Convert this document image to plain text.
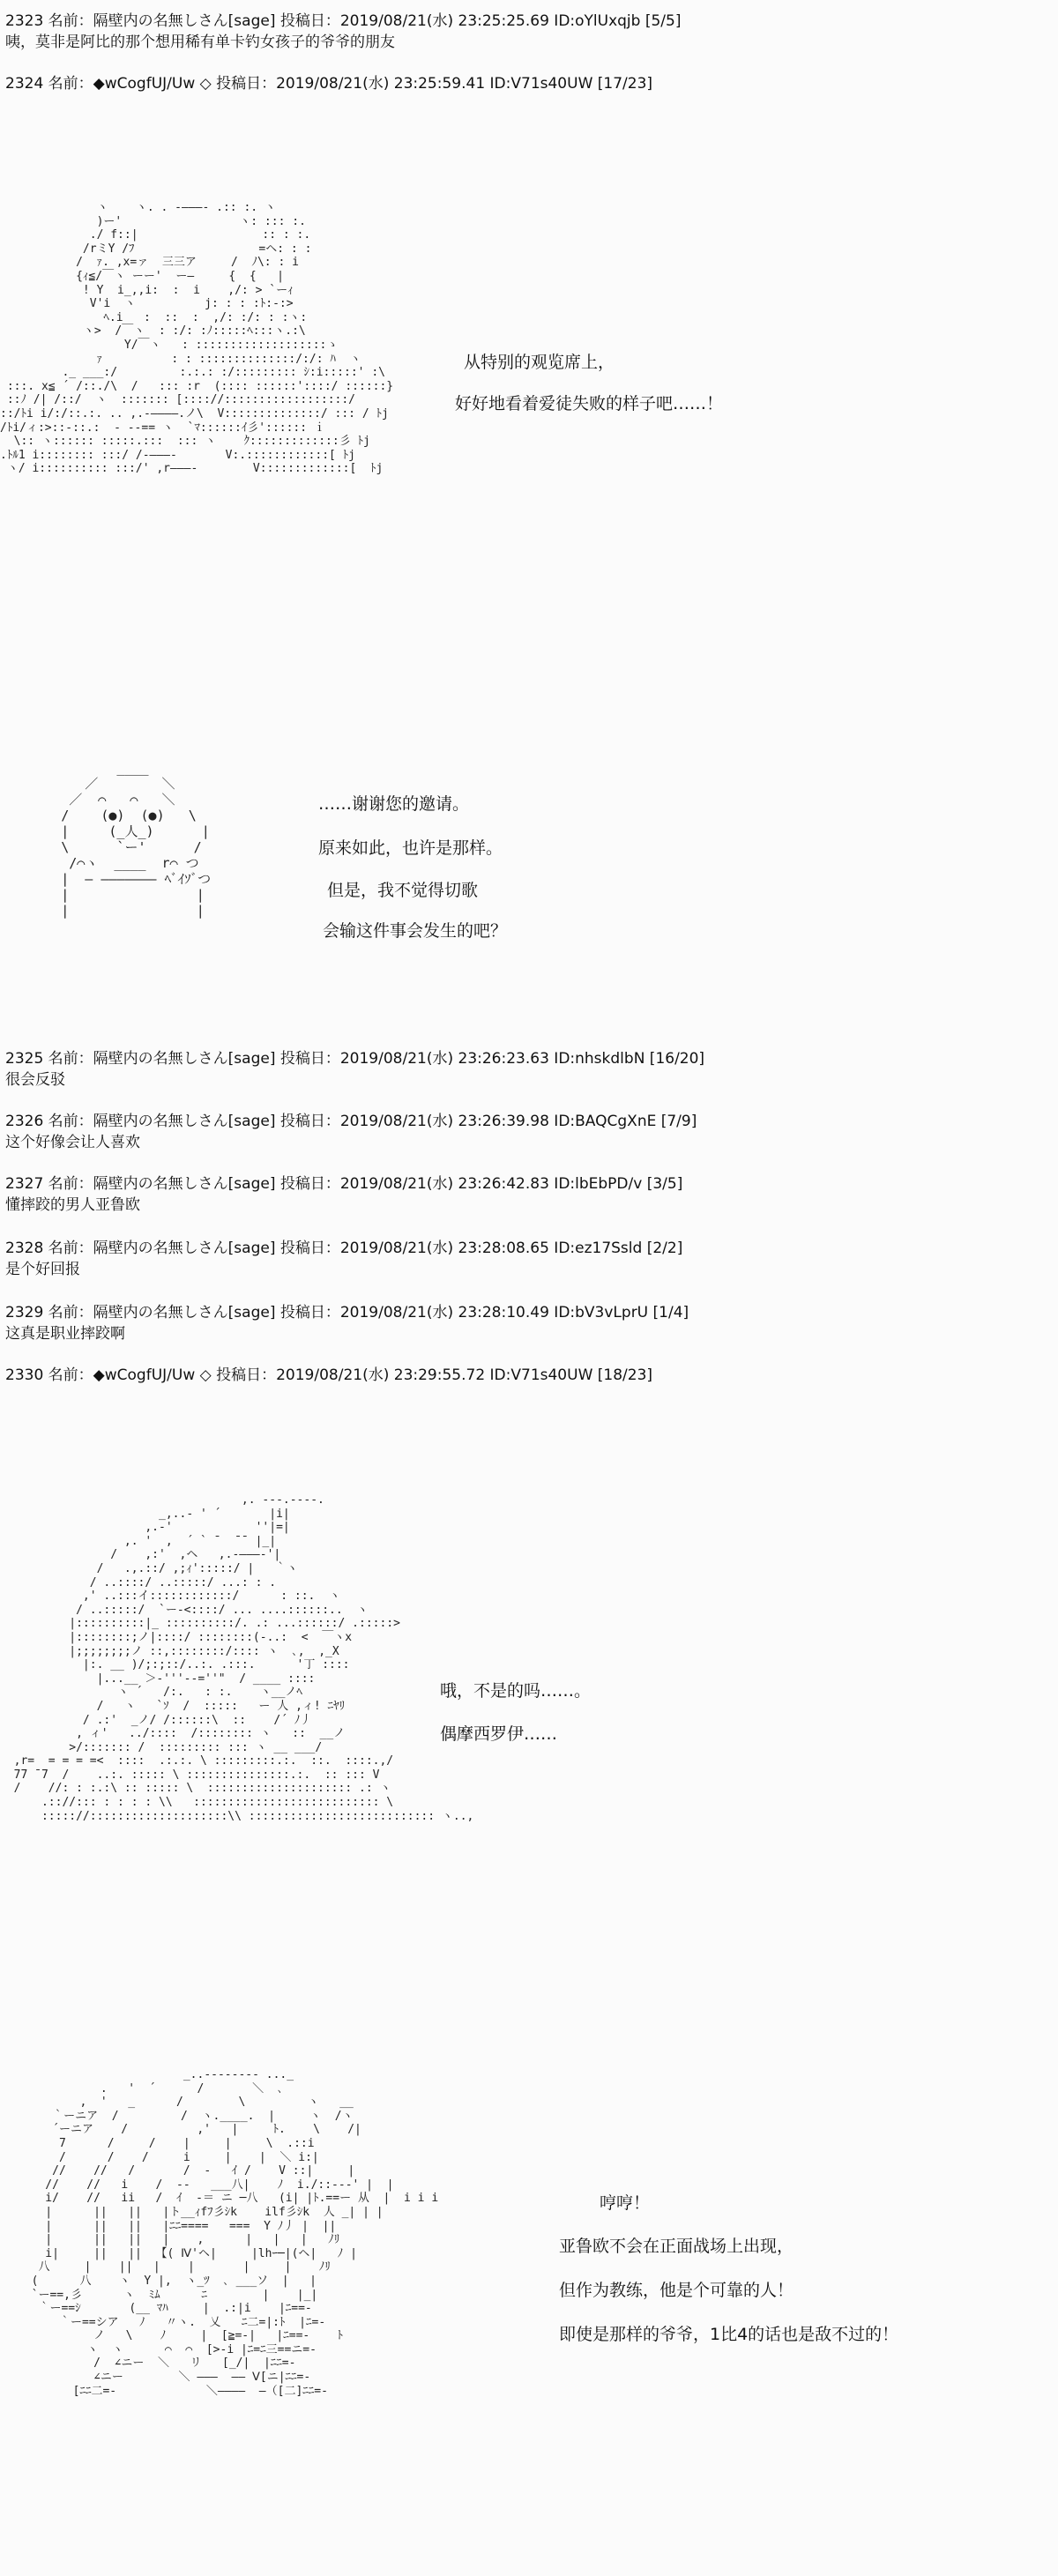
2323 名前：隔壁内の名無しさん[sage] 投稿日：2019/08/21(水) 23:25:25.69 ID:oYlUxqjb [5/5]
咦，莫非是阿比的那个想用稀有单卡钓女孩子的爷爷的朋友
2324 名前：◆wCogfUJ/Uw ◇ 投稿日：2019/08/21(水) 23:25:59.41 ID:V71s40UW [17/23]
ヽ    ヽ. . -―――- .:: :. ヽ
)ー'                 ヽ: ::: :.
./ f::|                  :: : :.
/rミY /ﾌ                  =ヘ: : :
/  ｧ. ,x=ァ  三三ア     /  ﾉ\: : i
{ｨ≦/￣ヽ ーー'  ー―     {  {   |
! Y  i_,,i:  :  i    ,/: > `ーｨ
V'i  ヽ          j: : : :ﾄ:-:>
ﾍ.i   :  ::  :  ,/: :/: : :ヽ:
ヽ>  /￣ヽ  : :/: :ﾉ:::::ﾍ:::ヽ.:\
Y/￣ヽ   : :::::::::::::::::::ゝ
ｧ          : : ::::::::::::::/:/: ﾊ  ヽ
._ ___:/         :.:.: :/::::::::: ｼ:i:::::' :\
:::. x≦ ´ /::./\  /   ::: :r  (:::: ::::::'::::/ ::::::}
::ﾉ /| /::/  ヽ  ::::::: [:::://::::::::::::::::::/
::/ﾄi i/:/::.:. .. ,.-――――.ノ\  V::::::::::::::/ ::: / ﾄj
/ﾄi/ィ:>::-::.:  - --== ヽ  `ﾏ::::::ｲ彡':::::: ｉ
\:: ヽ:::::: :::::.:::  ::: ヽ    ｸ:::::::::::::彡 ﾄj
.ﾄﾙ1 i:::::::: :::/ /-―――-       V:.::::::::::::[ ﾄj
ヽ/ i:::::::::: :::/' ,r―――-        V:::::::::::::[  ﾄj

从特别的观览席上，
好好地看着爱徒失败的样子吧……！
____
／        ＼
／  ⌒   ⌒   ＼
/    (●)  (●)   \
|     (_人_)      |
\      `ー'      /
/⌒ヽ  ____  r⌒ つ
|  ― ――――――― ﾍﾞｲｿﾞつ
|                |
|                |

……谢谢您的邀请。
原来如此，也许是那样。
但是，我不觉得切歌
会输这件事会发生的吧？
2325 名前：隔壁内の名無しさん[sage] 投稿日：2019/08/21(水) 23:26:23.63 ID:nhskdlbN [16/20]
很会反驳
2326 名前：隔壁内の名無しさん[sage] 投稿日：2019/08/21(水) 23:26:39.98 ID:BAQCgXnE [7/9]
这个好像会让人喜欢
2327 名前：隔壁内の名無しさん[sage] 投稿日：2019/08/21(水) 23:26:42.83 ID:lbEbPD/v [3/5]
懂摔跤的男人亚鲁欧
2328 名前：隔壁内の名無しさん[sage] 投稿日：2019/08/21(水) 23:28:08.65 ID:ez17Ssld [2/2]
是个好回报
2329 名前：隔壁内の名無しさん[sage] 投稿日：2019/08/21(水) 23:28:10.49 ID:bV3vLprU [1/4]
这真是职业摔跤啊
2330 名前：◆wCogfUJ/Uw ◇ 投稿日：2019/08/21(水) 23:29:55.72 ID:V71s40UW [18/23]
,. ---.----.
_,..- ' ´       |i|
,.-'            ''|=|
,. '  ,  ´ ` ̄   ̄ ̄  |_|
/    ,:'  ,ヘ   ,.-―――-'|
/   .,.::/ ,;ｨ':::::/ |   ｀ヽ
/ ..::::/ ..:::::/ ...: : .
,' ..:::イ::::::::::::/      : ::.  ヽ
/ ..:::::/  `ー-<::::/ ... ....::::::..  ヽ
|::::::::::|_ ::::::::::/. .: ...::::::/ .:::::>
|::::::::;ノ|::::/ ::::::::(-..:  <  ￣ヽx
|;;;;;;;;ノ ::,::::::::/:::: ヽ  ､,  ,_X
|:. __ )/;:;::/..:. .:::.      '丁 ::::
|...__ ＞-'''--=''"  / ____ ::::
ヽ ´   /:.   : :.    ヽ__ノﾍ
/   ヽ   `ｿ  /  :::::   ー 人 ,ィ! ﾆﾔﾘ
/ .:'  _ノ/ /::::::\  ::    /´ ﾉ丿
, ィ'   ../::::  /:::::::: ヽ   ::  __ノ
>/::::::: /  ::::::::: ::: ヽ __ ___/
,r=  = = = =<  ::::  .:.:. \ :::::::::.:.  ::.  ::::.,/
77 ̄ ̄7  /    ..:. ::::: \ :::::::::::::::.:.  :: ::: V
/    //: : :.:\ :: ::::: \  ::::::::::::::::::::: .: ヽ
.:://::: : : : : \\   ::::::::::::::::::::::::::: \
::::://::::::::::::::::::::\\ ::::::::::::::::::::::::::: ヽ..,

哦，不是的吗……。
偶摩西罗伊……
_..-------- ..._
.   '  ´      /       ＼  ､
,  '   _      /        \         ヽ   __
｀ーニア  /         /  ヽ.____.  |     ヽ  /ヽ
´ーニア    /          ,'   |     ﾄ.    \    /|
7      /     /    |     |     \  .::i
/      /    /     i     |    |  ＼ i:|
//    //   /       /  -   ｲ /    V ::|     |
//    //   i    /  --   ___八|    ﾉ  i./::---' |  |
i/    //   ii   /  ｲ  -＝ ニ ─八   (i| |ﾄ.==ー 从  |  i i i
|      ||   ||   |ト__ｨfﾌ彡ｼk    ilf彡ｼk  人 _| | |
|      ||   ||   |ﾆﾆ====   ===  Y ﾉ丿 |  ||
|      ||   ||   |    ,      |   |   |   ﾉﾘ
i|     ||   ||  【( Ⅳ'ヘ|     |lhｰ─|(ヘ|   ﾉ |
八     |    ||   |    |       |     |    ﾉﾘ
(      八    ヽ  Y |,  ヽ_ﾂ  ､ ___ソ  |   |
`ー==,彡      ヽ  ﾐﾑ      ﾆ        |    |_|
｀ー==ｼ       (__ ﾏﾊ     |  .:|i    |ﾆ==-
｀ー==シア   ﾉ   〃ヽ.  乂   ﾆ二=|:ﾄ  |ﾆ=-
ノ   \    ﾉ     |  [≧=-|   |ﾆ==-    ﾄ
ヽ  ヽ      ⌒  ⌒  [>-i |ﾆ=ﾆ三==ニ=-
/  ∠ニー  ＼   リ   [_/|  |ﾆﾆ=-
∠ニー        ＼ ―――  ―― Ⅴ[ニ|ﾆﾆ=-
[ﾆﾆ二=-             ＼――――  ―（[二]ﾆﾆ=-

哼哼！
亚鲁欧不会在正面战场上出现，
但作为教练，他是个可靠的人！
即使是那样的爷爷，1比4的话也是敌不过的！
